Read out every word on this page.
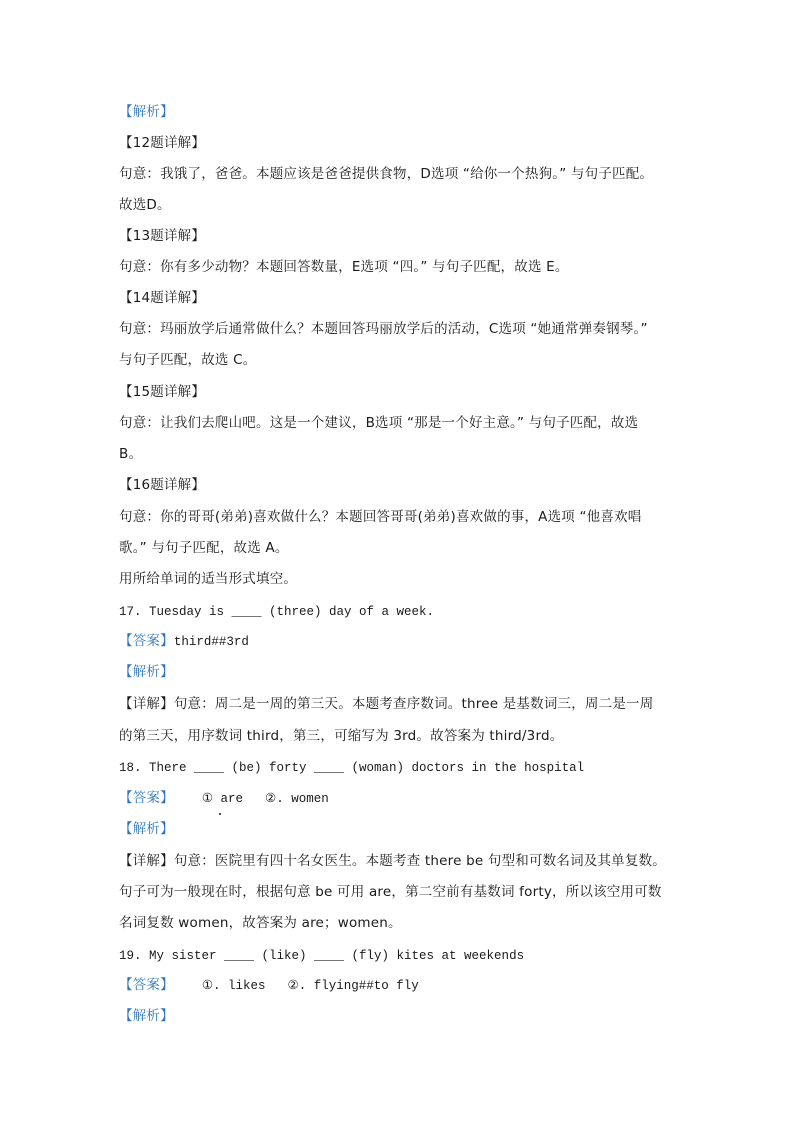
【解析】
【12题详解】
句意：我饿了，爸爸。本题应该是爸爸提供食物，D选项 “给你一个热狗。” 与句子匹配。
故选D。
【13题详解】
句意：你有多少动物？本题回答数量，E选项 “四。” 与句子匹配，故选 E。
【14题详解】
句意：玛丽放学后通常做什么？本题回答玛丽放学后的活动，C选项 “她通常弹奏钢琴。”
与句子匹配，故选 C。
【15题详解】
句意：让我们去爬山吧。这是一个建议，B选项 “那是一个好主意。” 与句子匹配，故选
B。
【16题详解】
句意：你的哥哥(弟弟)喜欢做什么？本题回答哥哥(弟弟)喜欢做的事，A选项 “他喜欢唱
歌。” 与句子匹配，故选 A。
用所给单词的适当形式填空。
17. Tuesday is ____ (three) day of a week.
【答案】third##3rd
【解析】
【详解】句意：周二是一周的第三天。本题考查序数词。three 是基数词三，周二是一周
的第三天，用序数词 third，第三，可缩写为 3rd。故答案为 third/3rd。
18. There ____ (be) forty ____ (woman) doctors in the hospital
【答案】 ① are ②. women
【解析】
【详解】句意：医院里有四十名女医生。本题考查 there be 句型和可数名词及其单复数。
句子可为一般现在时，根据句意 be 可用 are，第二空前有基数词 forty，所以该空用可数
名词复数 women，故答案为 are；women。
19. My sister ____ (like) ____ (fly) kites at weekends
【答案】 ①. likes ②. flying##to fly
【解析】
